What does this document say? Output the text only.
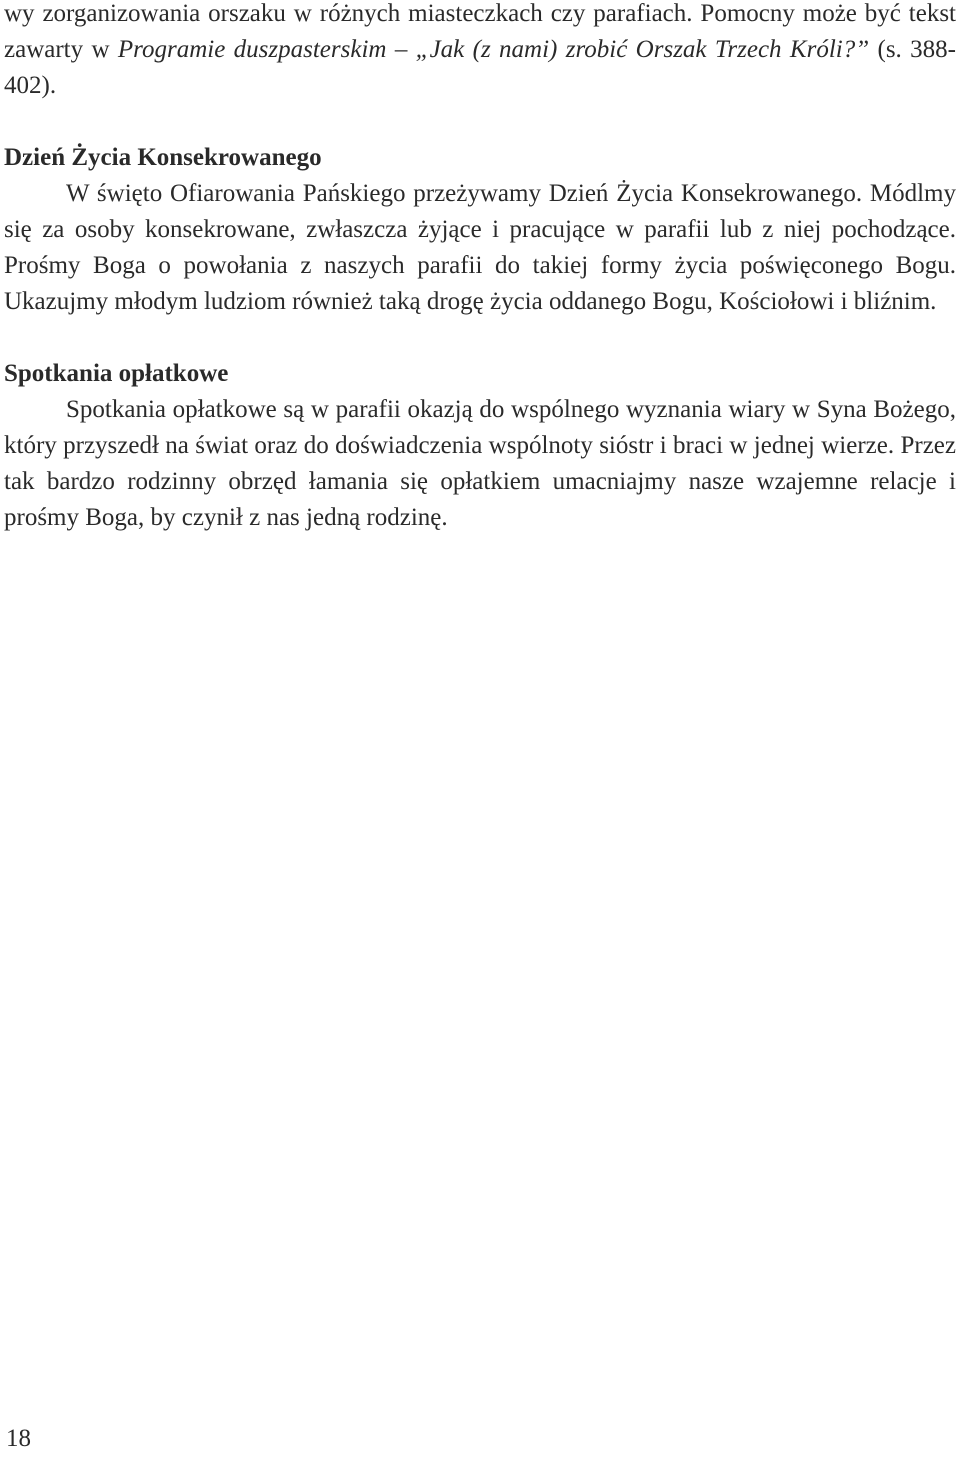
wy zorganizowania orszaku w różnych miasteczkach czy parafiach. Pomocny może być tekst zawarty w Programie duszpasterskim – „Jak (z nami) zrobić Orszak Trzech Króli?” (s. 388-402).

Dzień Życia Konsekrowanego

W święto Ofiarowania Pańskiego przeżywamy Dzień Życia Konsekrowanego. Módlmy się za osoby konsekrowane, zwłaszcza żyjące i pracujące w parafii lub z niej pochodzące. Prośmy Boga o powołania z naszych parafii do takiej formy życia poświęconego Bogu. Ukazujmy młodym ludziom również taką drogę życia oddanego Bogu, Kościołowi i bliźnim.

Spotkania opłatkowe

Spotkania opłatkowe są w parafii okazją do wspólnego wyznania wiary w Syna Bożego, który przyszedł na świat oraz do doświadczenia wspólnoty sióstr i braci w jednej wierze. Przez tak bardzo rodzinny obrzęd łamania się opłatkiem umacniajmy nasze wzajemne relacje i prośmy Boga, by czynił z nas jedną rodzinę.

18
